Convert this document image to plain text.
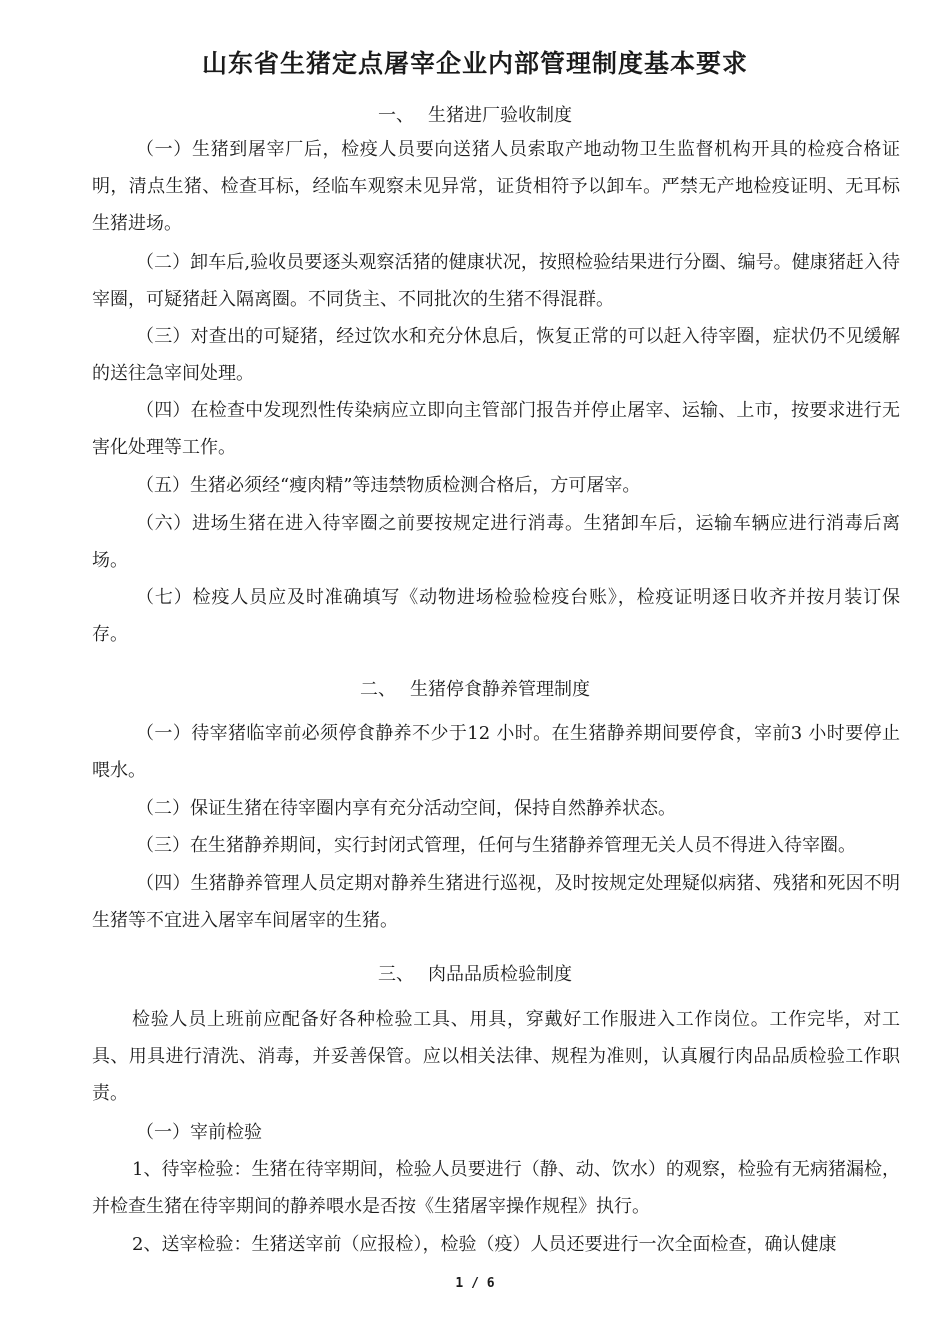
山东省生猪定点屠宰企业内部管理制度基本要求
一、 生猪进厂验收制度

（一）生猪到屠宰厂后，检疫人员要向送猪人员索取产地动物卫生监督机构开具的检疫合格证明，清点生猪、检查耳标，经临车观察未见异常，证货相符予以卸车。严禁无产地检疫证明、无耳标生猪进场。

（二）卸车后,验收员要逐头观察活猪的健康状况，按照检验结果进行分圈、编号。健康猪赶入待宰圈，可疑猪赶入隔离圈。不同货主、不同批次的生猪不得混群。

（三）对查出的可疑猪，经过饮水和充分休息后，恢复正常的可以赶入待宰圈，症状仍不见缓解的送往急宰间处理。

（四）在检查中发现烈性传染病应立即向主管部门报告并停止屠宰、运输、上市，按要求进行无害化处理等工作。

（五）生猪必须经“瘦肉精”等违禁物质检测合格后，方可屠宰。

（六）进场生猪在进入待宰圈之前要按规定进行消毒。生猪卸车后，运输车辆应进行消毒后离场。

（七）检疫人员应及时准确填写《动物进场检验检疫台账》，检疫证明逐日收齐并按月装订保存。

二、 生猪停食静养管理制度

（一）待宰猪临宰前必须停食静养不少于12 小时。在生猪静养期间要停食，宰前3 小时要停止喂水。

（二）保证生猪在待宰圈内享有充分活动空间，保持自然静养状态。

（三）在生猪静养期间，实行封闭式管理，任何与生猪静养管理无关人员不得进入待宰圈。

（四）生猪静养管理人员定期对静养生猪进行巡视，及时按规定处理疑似病猪、残猪和死因不明生猪等不宜进入屠宰车间屠宰的生猪。

三、 肉品品质检验制度

检验人员上班前应配备好各种检验工具、用具，穿戴好工作服进入工作岗位。工作完毕，对工具、用具进行清洗、消毒，并妥善保管。应以相关法律、规程为准则，认真履行肉品品质检验工作职责。

（一）宰前检验

1、待宰检验：生猪在待宰期间，检验人员要进行（静、动、饮水）的观察，检验有无病猪漏检，并检查生猪在待宰期间的静养喂水是否按《生猪屠宰操作规程》执行。

2、送宰检验：生猪送宰前（应报检），检验（疫）人员还要进行一次全面检查，确认健康

1 / 6
